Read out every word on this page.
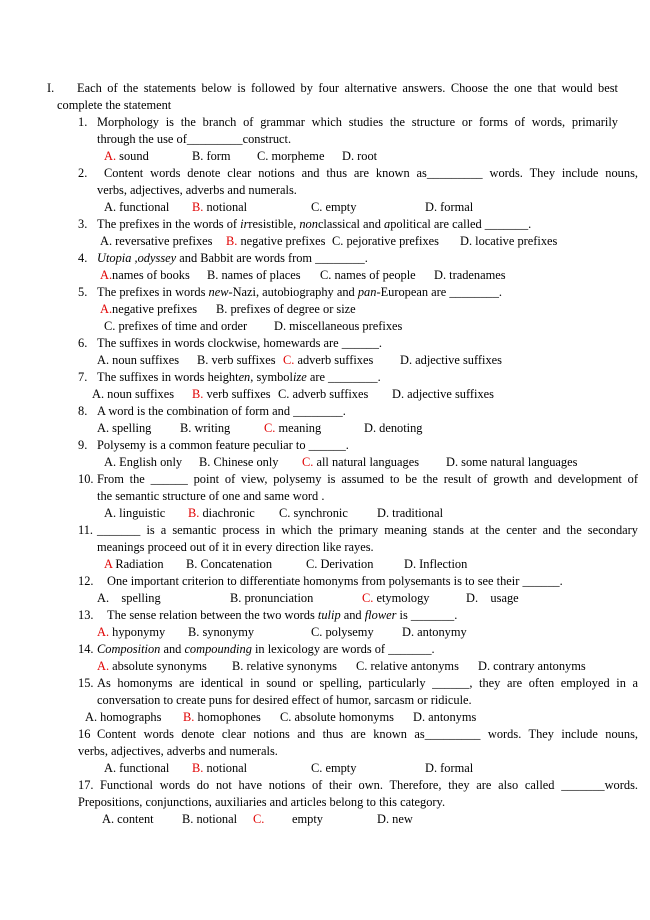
I. Each of the statements below is followed by four alternative answers. Choose the one that would best
complete the statement
1. Morphology is the branch of grammar which studies the structure or forms of words, primarily
through the use of_________construct.
A. sound	B. form C. morpheme D. root
2. Content words denote clear notions and thus are known as_________ words. They include nouns,
verbs, adjectives, adverbs and numerals.
A. functional B. notional	C. empty	D. formal
3. The prefixes in the words of irresistible, nonclassical and apolitical are called _______.
A. reversative prefixes B. negative prefixes C. pejorative prefixes D. locative prefixes
4. Utopia ,odyssey and Babbit are words from ________.
A.names of books B. names of places C. names of people D. tradenames
5. The prefixes in words new-Nazi, autobiography and pan-European are ________.
A.negative prefixes B. prefixes of degree or size
C. prefixes of time and order D. miscellaneous prefixes
6. The suffixes in words clockwise, homewards are ______.
A. noun suffixes B. verb suffixes C. adverb suffixes D. adjective suffixes
7. The suffixes in words heighten, symbolize are ________.
A. noun suffixes B. verb suffixes C. adverb suffixes D. adjective suffixes
8. A word is the combination of form and ________.
A. spelling B. writing	C. meaning	D. denoting
9. Polysemy is a common feature peculiar to ______.
A. English only B. Chinese only C. all natural languages D. some natural languages
10. From the ______ point of view, polysemy is assumed to be the result of growth and development of
the semantic structure of one and same word .
A. linguistic B. diachronic C. synchronic D. traditional
11. _______ is a semantic process in which the primary meaning stands at the center and the secondary
meanings proceed out of it in every direction like rayes.
A Radiation B. Concatenation	C. Derivation D. Inflection
12. One important criterion to differentiate homonyms from polysemants is to see their ______.
A.    spelling	B. pronunciation	C. etymology	D.    usage
13. The sense relation between the two words tulip and flower is _______.
A. hyponymy B. synonymy	C. polysemy D. antonymy
14. Composition and compounding in lexicology are words of _______.
A. absolute synonyms B. relative synonyms C. relative antonyms D. contrary antonyms
15. As homonyms are identical in sound or spelling, particularly ______, they are often employed in a
conversation to create puns for desired effect of humor, sarcasm or ridicule.
A. homographs B. homophones C. absolute homonyms D. antonyms
16 Content words denote clear notions and thus are known as_________ words. They include nouns,
verbs, adjectives, adverbs and numerals.
A. functional B. notional	C. empty	D. formal
17. Functional words do not have notions of their own. Therefore, they are also called _______words.
Prepositions, conjunctions, auxiliaries and articles belong to this category.
A. content B. notional C. empty	D. new
